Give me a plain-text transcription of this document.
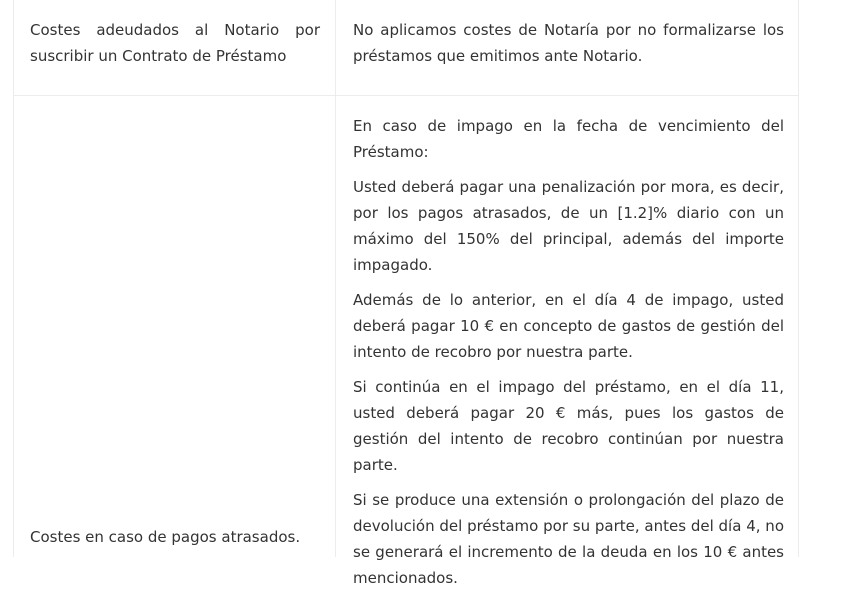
Costes adeudados al Notario por suscribir un Contrato de Préstamo

No aplicamos costes de Notaría por no formalizarse los préstamos que emitimos ante Notario.

Costes en caso de pagos atrasados.

En caso de impago en la fecha de vencimiento del Préstamo:

Usted deberá pagar una penalización por mora, es decir, por los pagos atrasados, de un [1.2]% diario con un máximo del 150% del principal, además del importe impagado.

Además de lo anterior, en el día 4 de impago, usted deberá pagar 10 € en concepto de gastos de gestión del intento de recobro por nuestra parte.

Si continúa en el impago del préstamo, en el día 11, usted deberá pagar 20 € más, pues los gastos de gestión del intento de recobro continúan por nuestra parte.

Si se produce una extensión o prolongación del plazo de devolución del préstamo por su parte, antes del día 4, no se generará el incremento de la deuda en los 10 € antes mencionados.
